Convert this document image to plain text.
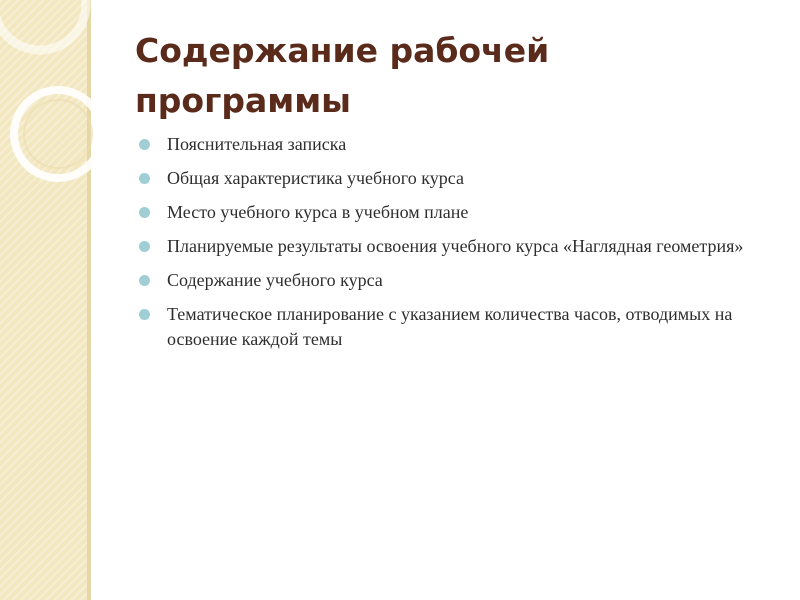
Содержание рабочей программы
Пояснительная записка
Общая характеристика учебного курса
Место учебного курса в учебном плане
Планируемые результаты освоения учебного курса «Наглядная геометрия»
Содержание учебного курса
Тематическое планирование с указанием количества часов, отводимых на освоение каждой темы
